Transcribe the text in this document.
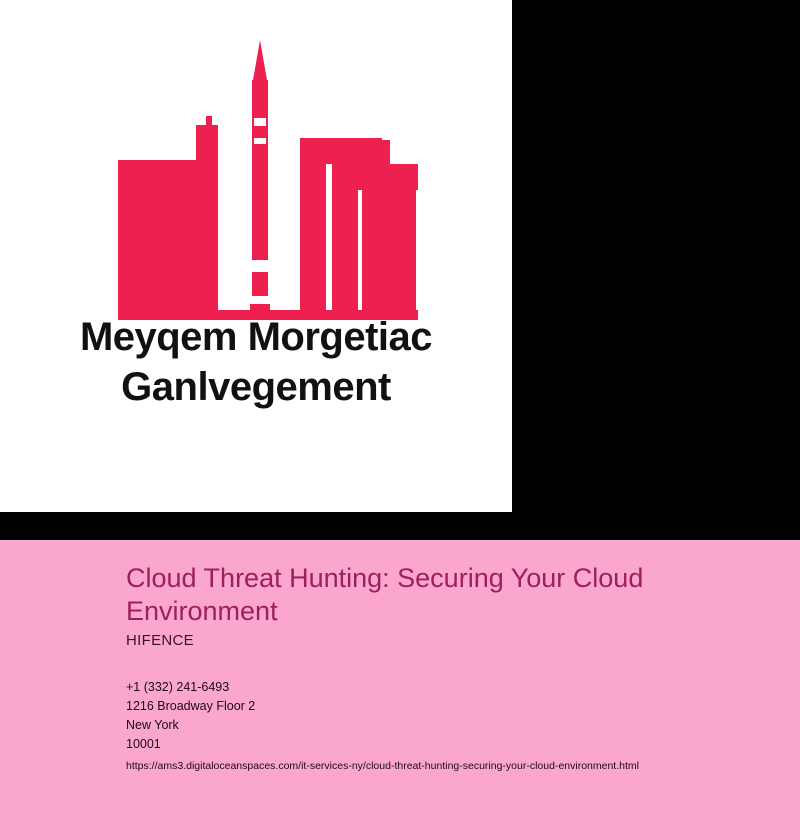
Meyqem Morgetiac
Ganlvegement
Cloud Threat Hunting: Securing Your Cloud Environment
HIFENCE
+1 (332) 241-6493
1216 Broadway Floor 2
New York
10001
https://ams3.digitaloceanspaces.com/it-services-ny/cloud-threat-hunting-securing-your-cloud-environment.html
